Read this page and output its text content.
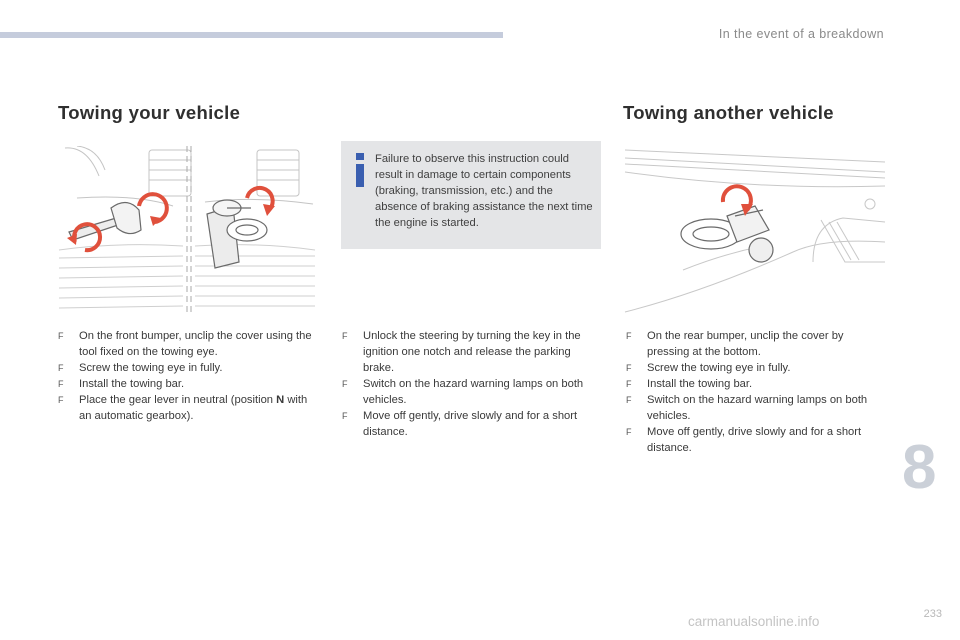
In the event of a breakdown
Towing your vehicle	Towing another vehicle
Failure to observe this instruction could result in damage to certain components (braking, transmission, etc.) and the absence of braking assistance the next time the engine is started.
F On the front bumper, unclip the cover using the tool fixed on the towing eye.
F Screw the towing eye in fully.
F Install the towing bar.
F Place the gear lever in neutral (position N with an automatic gearbox).
F Unlock the steering by turning the key in the ignition one notch and release the parking brake.
F Switch on the hazard warning lamps on both vehicles.
F Move off gently, drive slowly and for a short distance.
F On the rear bumper, unclip the cover by pressing at the bottom.
F Screw the towing eye in fully.
F Install the towing bar.
F Switch on the hazard warning lamps on both vehicles.
F Move off gently, drive slowly and for a short distance.	8
233
carmanualsonline.info
